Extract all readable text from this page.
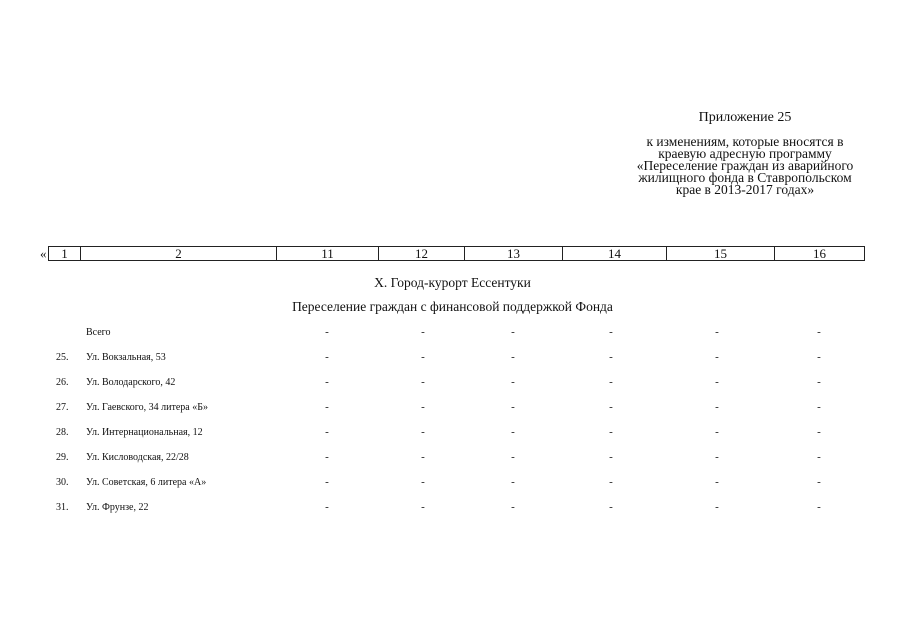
Приложение 25
к изменениям, которые вносятся в
краевую адресную программу
«Переселение граждан из аварийного
жилищного фонда в Ставропольском
крае в 2013-2017 годах»
« 1	2	11	12	13	14	15	16
X. Город-курорт Ессентуки
Переселение граждан с финансовой поддержкой Фонда
Всего	-	-	-	-	-	-
25. Ул. Вокзальная, 53	-	-	-	-	-	-
26. Ул. Володарского, 42	-	-	-	-	-	-
27. Ул. Гаевского, 34 литера «Б»	-	-	-	-	-	-
28. Ул. Интернациональная, 12	-	-	-	-	-	-
29. Ул. Кисловодская, 22/28	-	-	-	-	-	-
30. Ул. Советская, 6 литера «А»	-	-	-	-	-	-
31. Ул. Фрунзе, 22	-	-	-	-	-	-
